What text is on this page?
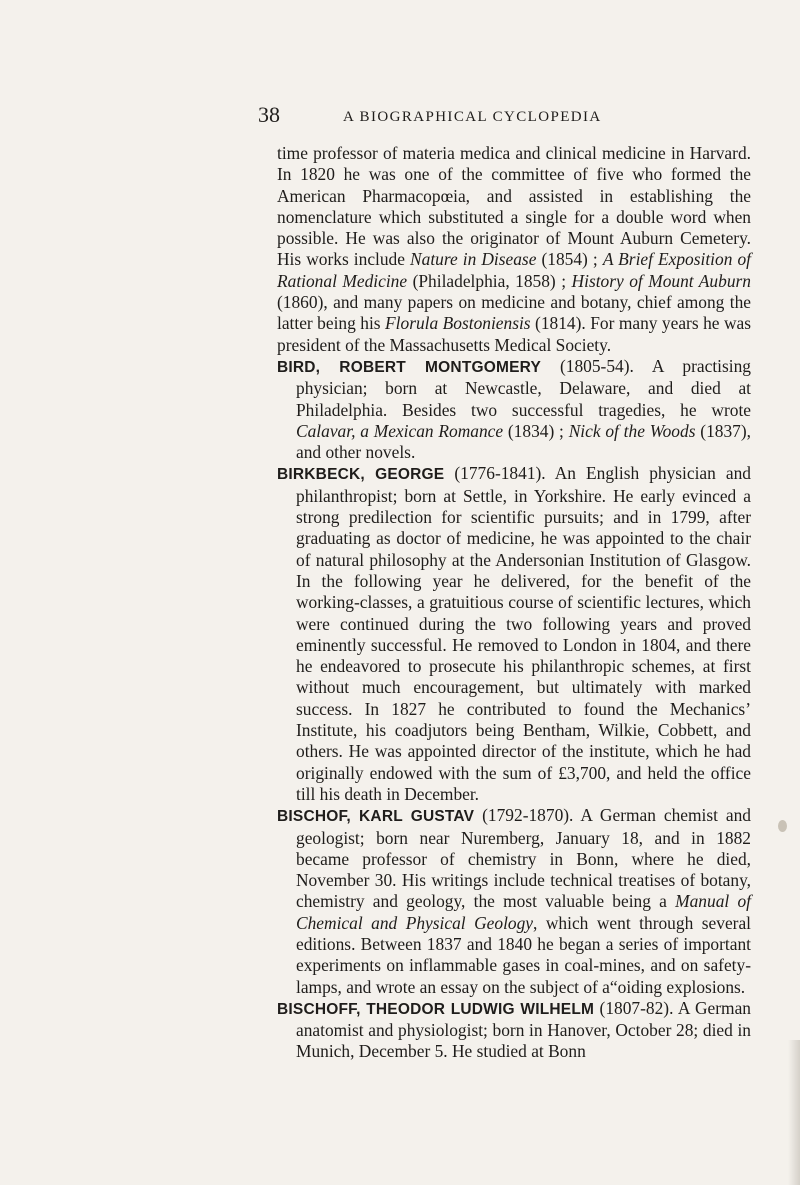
38	A BIOGRAPHICAL CYCLOPEDIA

time professor of materia medica and clinical medicine in Harvard. In 1820 he was one of the committee of five who formed the American Pharmacopœia, and assisted in establishing the nomenclature which substituted a single for a double word when possible. He was also the originator of Mount Auburn Cemetery. His works include Nature in Disease (1854) ; A Brief Exposition of Rational Medicine (Philadelphia, 1858) ; History of Mount Auburn (1860), and many papers on medicine and botany, chief among the latter being his Florula Bostoniensis (1814). For many years he was president of the Massachusetts Medical Society.

BIRD, ROBERT MONTGOMERY (1805-54). A practising physician; born at Newcastle, Delaware, and died at Philadelphia. Besides two successful tragedies, he wrote Calavar, a Mexican Romance (1834) ; Nick of the Woods (1837), and other novels.

BIRKBECK, GEORGE (1776-1841). An English physician and philanthropist; born at Settle, in Yorkshire. He early evinced a strong predilection for scientific pursuits; and in 1799, after graduating as doctor of medicine, he was appointed to the chair of natural philosophy at the Andersonian Institution of Glasgow. In the following year he delivered, for the benefit of the working-classes, a gratuitious course of scientific lectures, which were continued during the two following years and proved eminently successful. He removed to London in 1804, and there he endeavored to prosecute his philanthropic schemes, at first without much encouragement, but ultimately with marked success. In 1827 he contributed to found the Mechanics’ Institute, his coadjutors being Bentham, Wilkie, Cobbett, and others. He was appointed director of the institute, which he had originally endowed with the sum of £3,700, and held the office till his death in December.

BISCHOF, KARL GUSTAV (1792-1870). A German chemist and geologist; born near Nuremberg, January 18, and in 1882 became professor of chemistry in Bonn, where he died, November 30. His writings include technical treatises of botany, chemistry and geology, the most valuable being a Manual of Chemical and Physical Geology, which went through several editions. Between 1837 and 1840 he began a series of important experiments on inflammable gases in coal-mines, and on safety-lamps, and wrote an essay on the subject of a“oiding explosions.

BISCHOFF, THEODOR LUDWIG WILHELM (1807-82). A German anatomist and physiologist; born in Hanover, October 28; died in Munich, December 5. He studied at Bonn
